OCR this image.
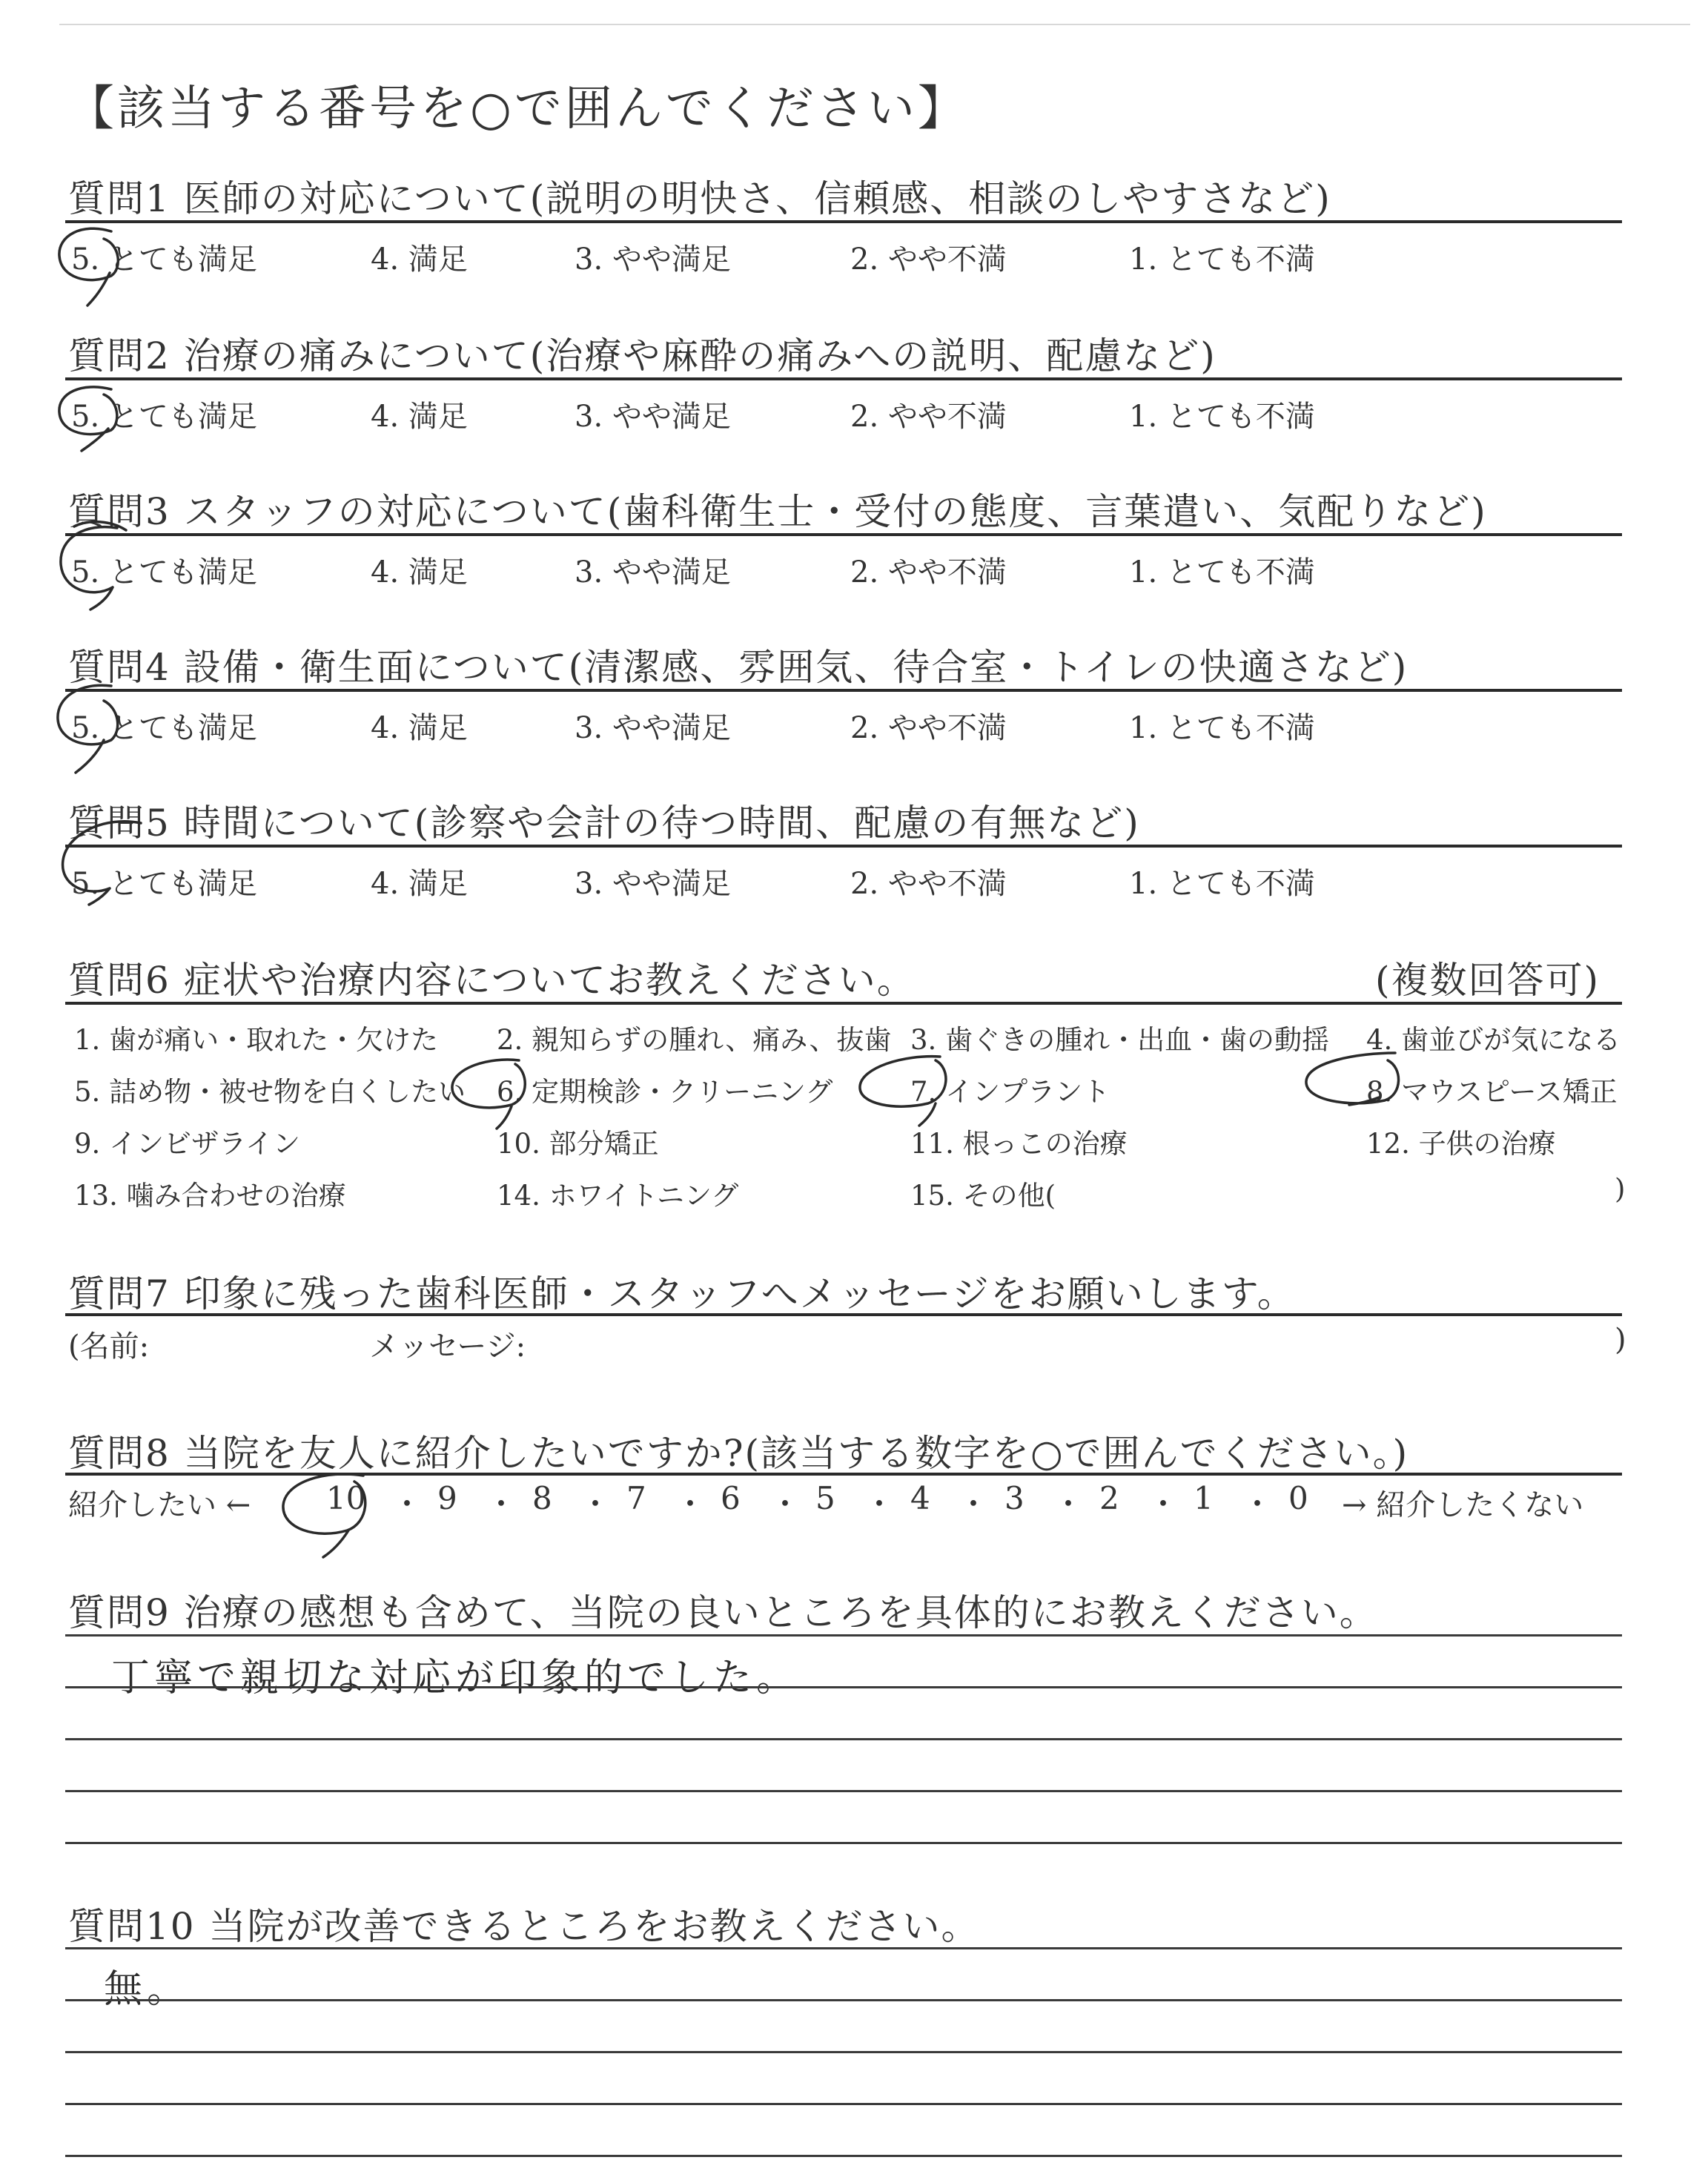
【該当する番号を○で囲んでください】
質問1 医師の対応について(説明の明快さ、信頼感、相談のしやすさなど)
5. とても満足	4. 満足	3. やや満足	2. やや不満	1. とても不満
質問2 治療の痛みについて(治療や麻酔の痛みへの説明、配慮など)
5. とても満足	4. 満足	3. やや満足	2. やや不満	1. とても不満
質問3 スタッフの対応について(歯科衛生士・受付の態度、言葉遣い、気配りなど)
5. とても満足	4. 満足	3. やや満足	2. やや不満	1. とても不満
質問4 設備・衛生面について(清潔感、雰囲気、待合室・トイレの快適さなど)
5. とても満足	4. 満足	3. やや満足	2. やや不満	1. とても不満
質問5 時間について(診察や会計の待つ時間、配慮の有無など)
5. とても満足	4. 満足	3. やや満足	2. やや不満	1. とても不満
質問6 症状や治療内容についてお教えください。	(複数回答可)
1. 歯が痛い・取れた・欠けた 2. 親知らずの腫れ、痛み、抜歯 3. 歯ぐきの腫れ・出血・歯の動揺 4. 歯並びが気になる
5. 詰め物・被せ物を白くしたい 6. 定期検診・クリーニング	7. インプラント	8. マウスピース矯正
9. インビザライン	10. 部分矯正	11. 根っこの治療	12. 子供の治療
13. 噛み合わせの治療	14. ホワイトニング	15. その他(	)
質問7 印象に残った歯科医師・スタッフへメッセージをお願いします。
(名前:	メッセージ:	)
質問8 当院を友人に紹介したいですか?(該当する数字を○で囲んでください。)
紹介したい ←	→ 紹介したくない
10 ・ 9 ・ 8 ・ 7 ・ 6 ・ 5 ・ 4 ・ 3 ・ 2 ・ 1 ・ 0
質問9 治療の感想も含めて、当院の良いところを具体的にお教えください。
丁寧で親切な対応が印象的でした。
質問10 当院が改善できるところをお教えください。
無。
